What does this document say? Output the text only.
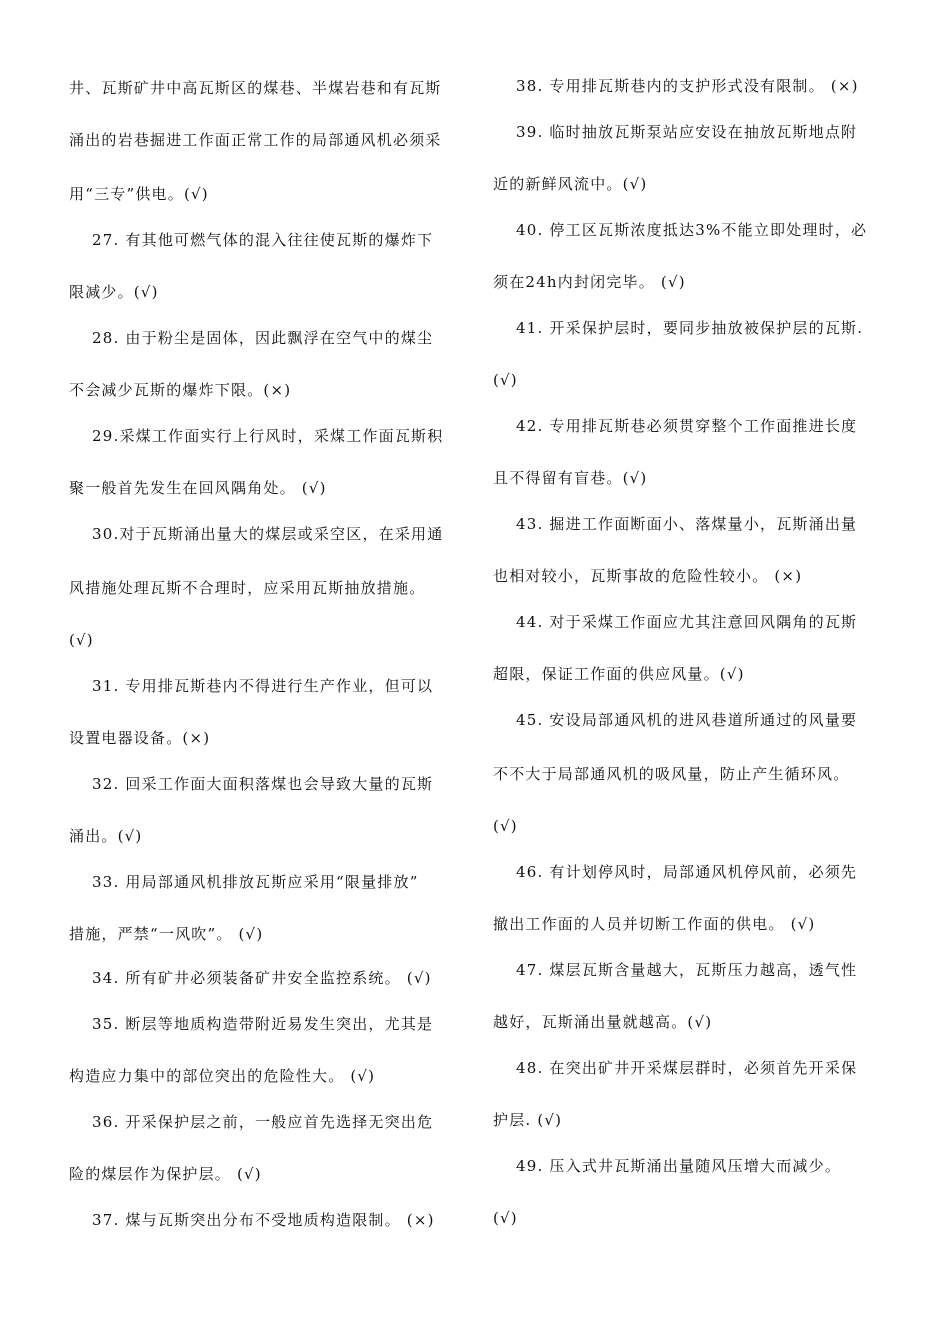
井、瓦斯矿井中高瓦斯区的煤巷、半煤岩巷和有瓦斯
涌出的岩巷掘进工作面正常工作的局部通风机必须采
用“三专”供电。(√)
27. 有其他可燃气体的混入往往使瓦斯的爆炸下
限减少。(√)
28. 由于粉尘是固体，因此飘浮在空气中的煤尘
不会减少瓦斯的爆炸下限。(×)
29.采煤工作面实行上行风时，采煤工作面瓦斯积
聚一般首先发生在回风隅角处。 (√)
30.对于瓦斯涌出量大的煤层或采空区，在采用通
风措施处理瓦斯不合理时，应采用瓦斯抽放措施。
(√)
31. 专用排瓦斯巷内不得进行生产作业，但可以
设置电器设备。(×)
32. 回采工作面大面积落煤也会导致大量的瓦斯
涌出。(√)
33. 用局部通风机排放瓦斯应采用“限量排放”
措施，严禁“一风吹”。 (√)
34. 所有矿井必须装备矿井安全监控系统。 (√)
35. 断层等地质构造带附近易发生突出，尤其是
构造应力集中的部位突出的危险性大。 (√)
36. 开采保护层之前，一般应首先选择无突出危
险的煤层作为保护层。 (√)
37. 煤与瓦斯突出分布不受地质构造限制。 (×)
38. 专用排瓦斯巷内的支护形式没有限制。 (×)
39. 临时抽放瓦斯泵站应安设在抽放瓦斯地点附
近的新鲜风流中。(√)
40. 停工区瓦斯浓度抵达3%不能立即处理时，必
须在24h内封闭完毕。 (√)
41. 开采保护层时，要同步抽放被保护层的瓦斯.
(√)
42. 专用排瓦斯巷必须贯穿整个工作面推进长度
且不得留有盲巷。(√)
43. 掘进工作面断面小、落煤量小，瓦斯涌出量
也相对较小，瓦斯事故的危险性较小。 (×)
44. 对于采煤工作面应尤其注意回风隅角的瓦斯
超限，保证工作面的供应风量。(√)
45. 安设局部通风机的进风巷道所通过的风量要
不不大于局部通风机的吸风量，防止产生循环风。
(√)
46. 有计划停风时，局部通风机停风前，必须先
撤出工作面的人员并切断工作面的供电。 (√)
47. 煤层瓦斯含量越大，瓦斯压力越高，透气性
越好，瓦斯涌出量就越高。(√)
48. 在突出矿井开采煤层群时，必须首先开采保
护层. (√)
49. 压入式井瓦斯涌出量随风压增大而减少。
(√)
